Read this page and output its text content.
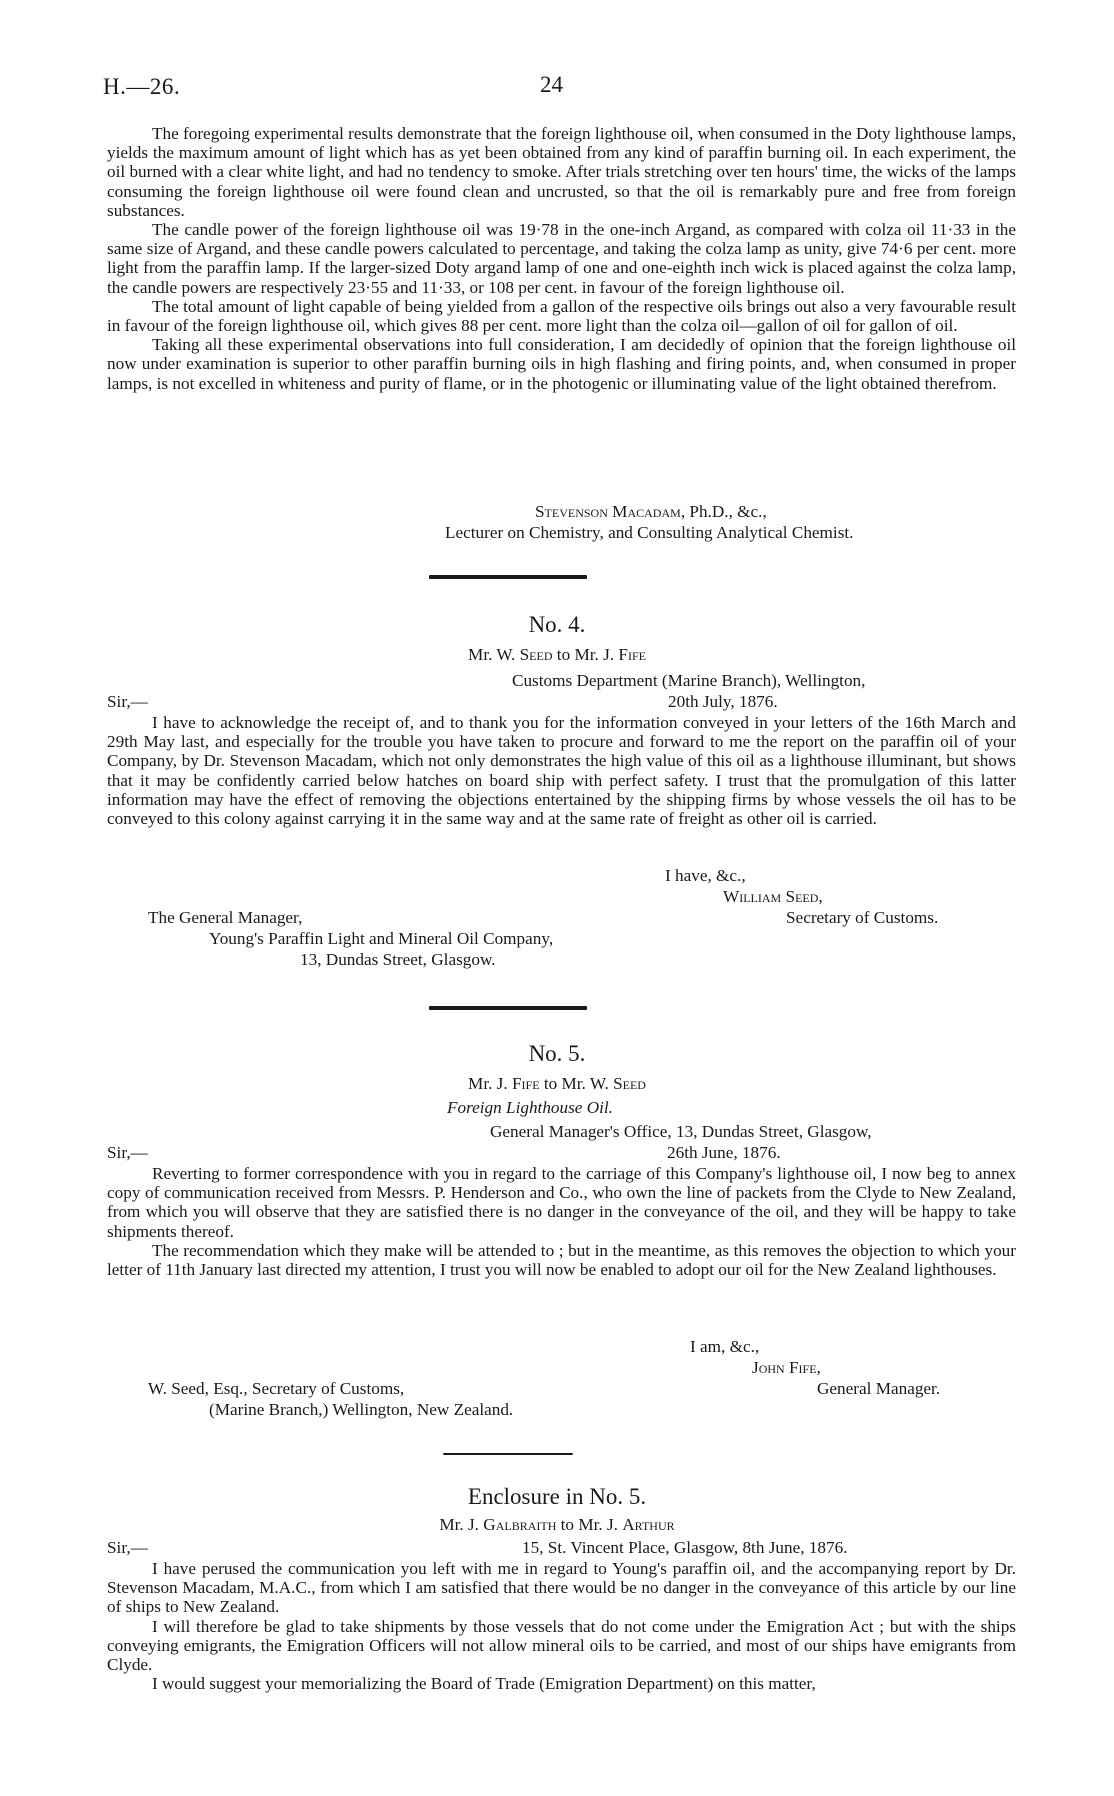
H.—26.	24

The foregoing experimental results demonstrate that the foreign lighthouse oil, when consumed in the Doty lighthouse lamps, yields the maximum amount of light which has as yet been obtained from any kind of paraffin burning oil. In each experiment, the oil burned with a clear white light, and had no tendency to smoke. After trials stretching over ten hours' time, the wicks of the lamps consuming the foreign lighthouse oil were found clean and uncrusted, so that the oil is remarkably pure and free from foreign substances.

The candle power of the foreign lighthouse oil was 19·78 in the one-inch Argand, as compared with colza oil 11·33 in the same size of Argand, and these candle powers calculated to percentage, and taking the colza lamp as unity, give 74·6 per cent. more light from the paraffin lamp. If the larger-sized Doty argand lamp of one and one-eighth inch wick is placed against the colza lamp, the candle powers are respectively 23·55 and 11·33, or 108 per cent. in favour of the foreign lighthouse oil.

The total amount of light capable of being yielded from a gallon of the respective oils brings out also a very favourable result in favour of the foreign lighthouse oil, which gives 88 per cent. more light than the colza oil—gallon of oil for gallon of oil.

Taking all these experimental observations into full consideration, I am decidedly of opinion that the foreign lighthouse oil now under examination is superior to other paraffin burning oils in high flashing and firing points, and, when consumed in proper lamps, is not excelled in whiteness and purity of flame, or in the photogenic or illuminating value of the light obtained therefrom.

Stevenson Macadam, Ph.D., &c.,
Lecturer on Chemistry, and Consulting Analytical Chemist.
No. 4.
Mr. W. Seed to Mr. J. Fife
Customs Department (Marine Branch), Wellington,
Sir,—	20th July, 1876.

I have to acknowledge the receipt of, and to thank you for the information conveyed in your letters of the 16th March and 29th May last, and especially for the trouble you have taken to procure and forward to me the report on the paraffin oil of your Company, by Dr. Stevenson Macadam, which not only demonstrates the high value of this oil as a lighthouse illuminant, but shows that it may be confidently carried below hatches on board ship with perfect safety. I trust that the promulgation of this latter information may have the effect of removing the objections entertained by the shipping firms by whose vessels the oil has to be conveyed to this colony against carrying it in the same way and at the same rate of freight as other oil is carried.

I have, &c.,
William Seed,
The General Manager,	Secretary of Customs.
Young's Paraffin Light and Mineral Oil Company,
13, Dundas Street, Glasgow.
No. 5.
Mr. J. Fife to Mr. W. Seed
Foreign Lighthouse Oil.
General Manager's Office, 13, Dundas Street, Glasgow,
Sir,—	26th June, 1876.

Reverting to former correspondence with you in regard to the carriage of this Company's lighthouse oil, I now beg to annex copy of communication received from Messrs. P. Henderson and Co., who own the line of packets from the Clyde to New Zealand, from which you will observe that they are satisfied there is no danger in the conveyance of the oil, and they will be happy to take shipments thereof.

The recommendation which they make will be attended to ; but in the meantime, as this removes the objection to which your letter of 11th January last directed my attention, I trust you will now be enabled to adopt our oil for the New Zealand lighthouses.

I am, &c.,
John Fife,
W. Seed, Esq., Secretary of Customs,	General Manager.
(Marine Branch,) Wellington, New Zealand.
Enclosure in No. 5.
Mr. J. Galbraith to Mr. J. Arthur
Sir,—	15, St. Vincent Place, Glasgow, 8th June, 1876.

I have perused the communication you left with me in regard to Young's paraffin oil, and the accompanying report by Dr. Stevenson Macadam, M.A.C., from which I am satisfied that there would be no danger in the conveyance of this article by our line of ships to New Zealand.

I will therefore be glad to take shipments by those vessels that do not come under the Emigration Act ; but with the ships conveying emigrants, the Emigration Officers will not allow mineral oils to be carried, and most of our ships have emigrants from Clyde.

I would suggest your memorializing the Board of Trade (Emigration Department) on this matter,
